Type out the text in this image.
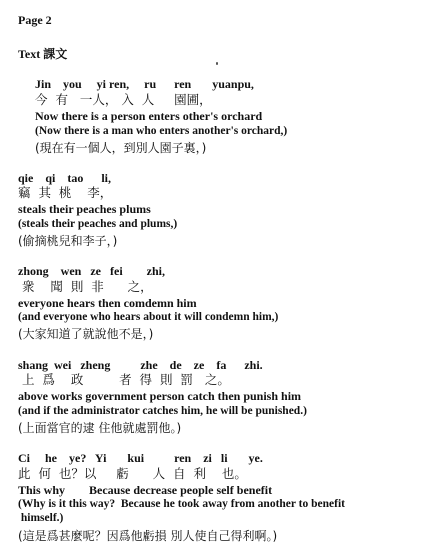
Page 2
Text 課文
Jin    you     yi ren,     ru      ren       yuanpu,
今  有   一人， 入  人     園圃，
Now there is a person enters other's orchard
(Now there is a man who enters another's orchard,)
(現在有一個人，到別人園子裏，)
qie    qi    tao      li,
竊  其  桃    李，
steals their peaches plums
(steals their peaches and plums,)
(偷摘桃兒和李子，)
zhong    wen   ze   fei        zhi,
衆    聞  則  非      之，
everyone hears then comdemn him
(and everyone who hears about it will condemn him,)
(大家知道了就說他不是，)
shang  wei   zheng          zhe    de    ze    fa      zhi.
上  爲    政         者  得  則  罰   之。
above works government person catch then punish him
(and if the administrator catches him, he will be punished.)
(上面當官的逮 住他就處罰他。)
Ci     he    ye?   Yi       kui          ren    zi   li       ye.
此  何  也？以     虧      人  自  利    也。
This why        Because decrease people self benefit
(Why is it this way?  Because he took away from another to benefit
himself.)
(這是爲甚麼呢？因爲他虧損 別人使自己得利啊。)
